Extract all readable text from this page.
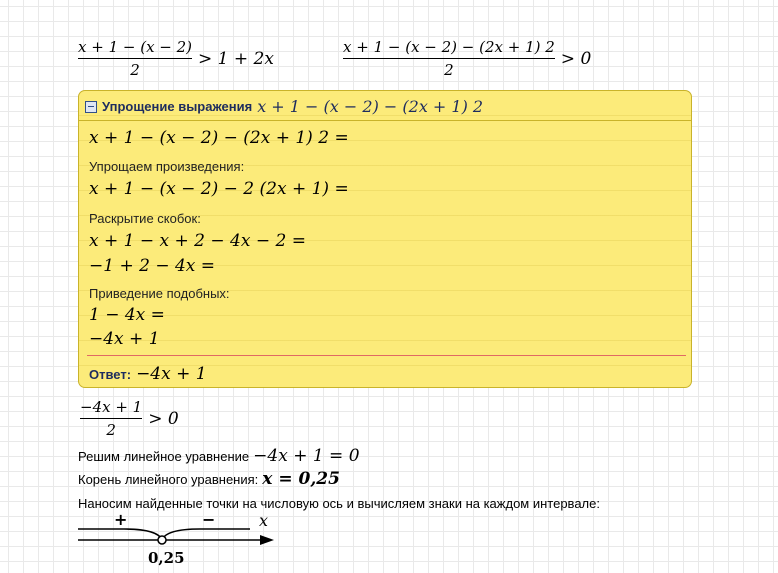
$\frac{x + 1 - (x - 2)}{2} > 1 + 2x$	$\frac{x + 1 - (x - 2) - (2x + 1) 2}{2} > 0$
Упрощение выражения x + 1 − (x − 2) − (2x + 1) 2
x + 1 − (x − 2) − (2x + 1) 2 =
Упрощаем произведения:
x + 1 − (x − 2) − 2 (2x + 1) =
Раскрытие скобок:
x + 1 − x + 2 − 4x − 2 =
−1 + 2 − 4x =
Приведение подобных:
1 − 4x =
−4x + 1
Ответ: −4x + 1
$\frac{-4x + 1}{2} > 0$
Решим линейное уравнение −4x + 1 = 0
Корень линейного уравнения: x = 0,25
Наносим найденные точки на числовую ось и вычисляем знаки на каждом интервале:
+	−	x
0,25
